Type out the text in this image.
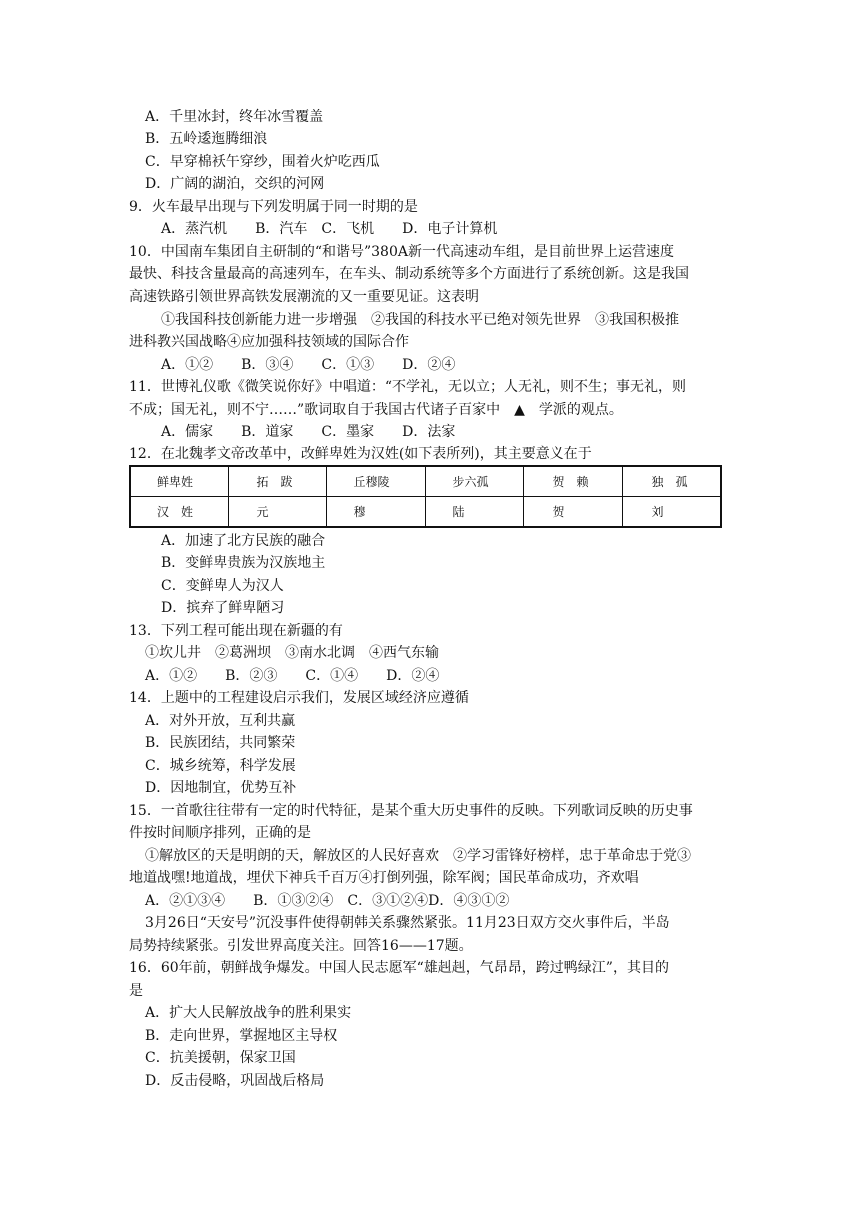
A．千里冰封，终年冰雪覆盖
B．五岭逶迤腾细浪
C．早穿棉袄午穿纱，围着火炉吃西瓜
D．广阔的湖泊，交织的河网
9．火车最早出现与下列发明属于同一时期的是
A．蒸汽机　　B．汽车　C．飞机　　D．电子计算机
10．中国南车集团自主研制的“和谐号”380A新一代高速动车组，是目前世界上运营速度
最快、科技含量最高的高速列车，在车头、制动系统等多个方面进行了系统创新。这是我国
高速铁路引领世界高铁发展潮流的又一重要见证。这表明
①我国科技创新能力进一步增强　②我国的科技水平已绝对领先世界　③我国积极推
进科教兴国战略④应加强科技领域的国际合作
A．①②　　B．③④　　C．①③　　D．②④
11．世博礼仪歌《微笑说你好》中唱道：“不学礼，无以立；人无礼，则不生；事无礼，则
不成；国无礼，则不宁……”歌词取自于我国古代诸子百家中　▲　学派的观点。
A．儒家　　B．道家　　C．墨家　　D．法家
12．在北魏孝文帝改革中，改鲜卑姓为汉姓(如下表所列)，其主要意义在于
鲜卑姓	拓　跋	丘穆陵	步六孤	贺　赖	独　孤
汉　姓	元	穆	陆	贺	刘
A．加速了北方民族的融合
B．变鲜卑贵族为汉族地主
C．变鲜卑人为汉人
D．摈弃了鲜卑陋习
13．下列工程可能出现在新疆的有
①坎儿井　②葛洲坝　③南水北调　④西气东输
A．①②　　B．②③　　C．①④　　D．②④
14．上题中的工程建设启示我们，发展区域经济应遵循
A．对外开放，互利共赢
B．民族团结，共同繁荣
C．城乡统筹，科学发展
D．因地制宜，优势互补
15．一首歌往往带有一定的时代特征，是某个重大历史事件的反映。下列歌词反映的历史事
件按时间顺序排列，正确的是
①解放区的天是明朗的天，解放区的人民好喜欢　②学习雷锋好榜样，忠于革命忠于党③
地道战嘿!地道战，埋伏下神兵千百万④打倒列强，除军阀；国民革命成功，齐欢唱
A．②①③④　　B．①③②④　C．③①②④D．④③①②
3月26日“天安号”沉没事件使得朝韩关系骤然紧张。11月23日双方交火事件后，半岛
局势持续紧张。引发世界高度关注。回答16——17题。
16．60年前，朝鲜战争爆发。中国人民志愿军“雄赳赳，气昂昂，跨过鸭绿江”，其目的
是
A．扩大人民解放战争的胜利果实
B．走向世界，掌握地区主导权
C．抗美援朝，保家卫国
D．反击侵略，巩固战后格局
